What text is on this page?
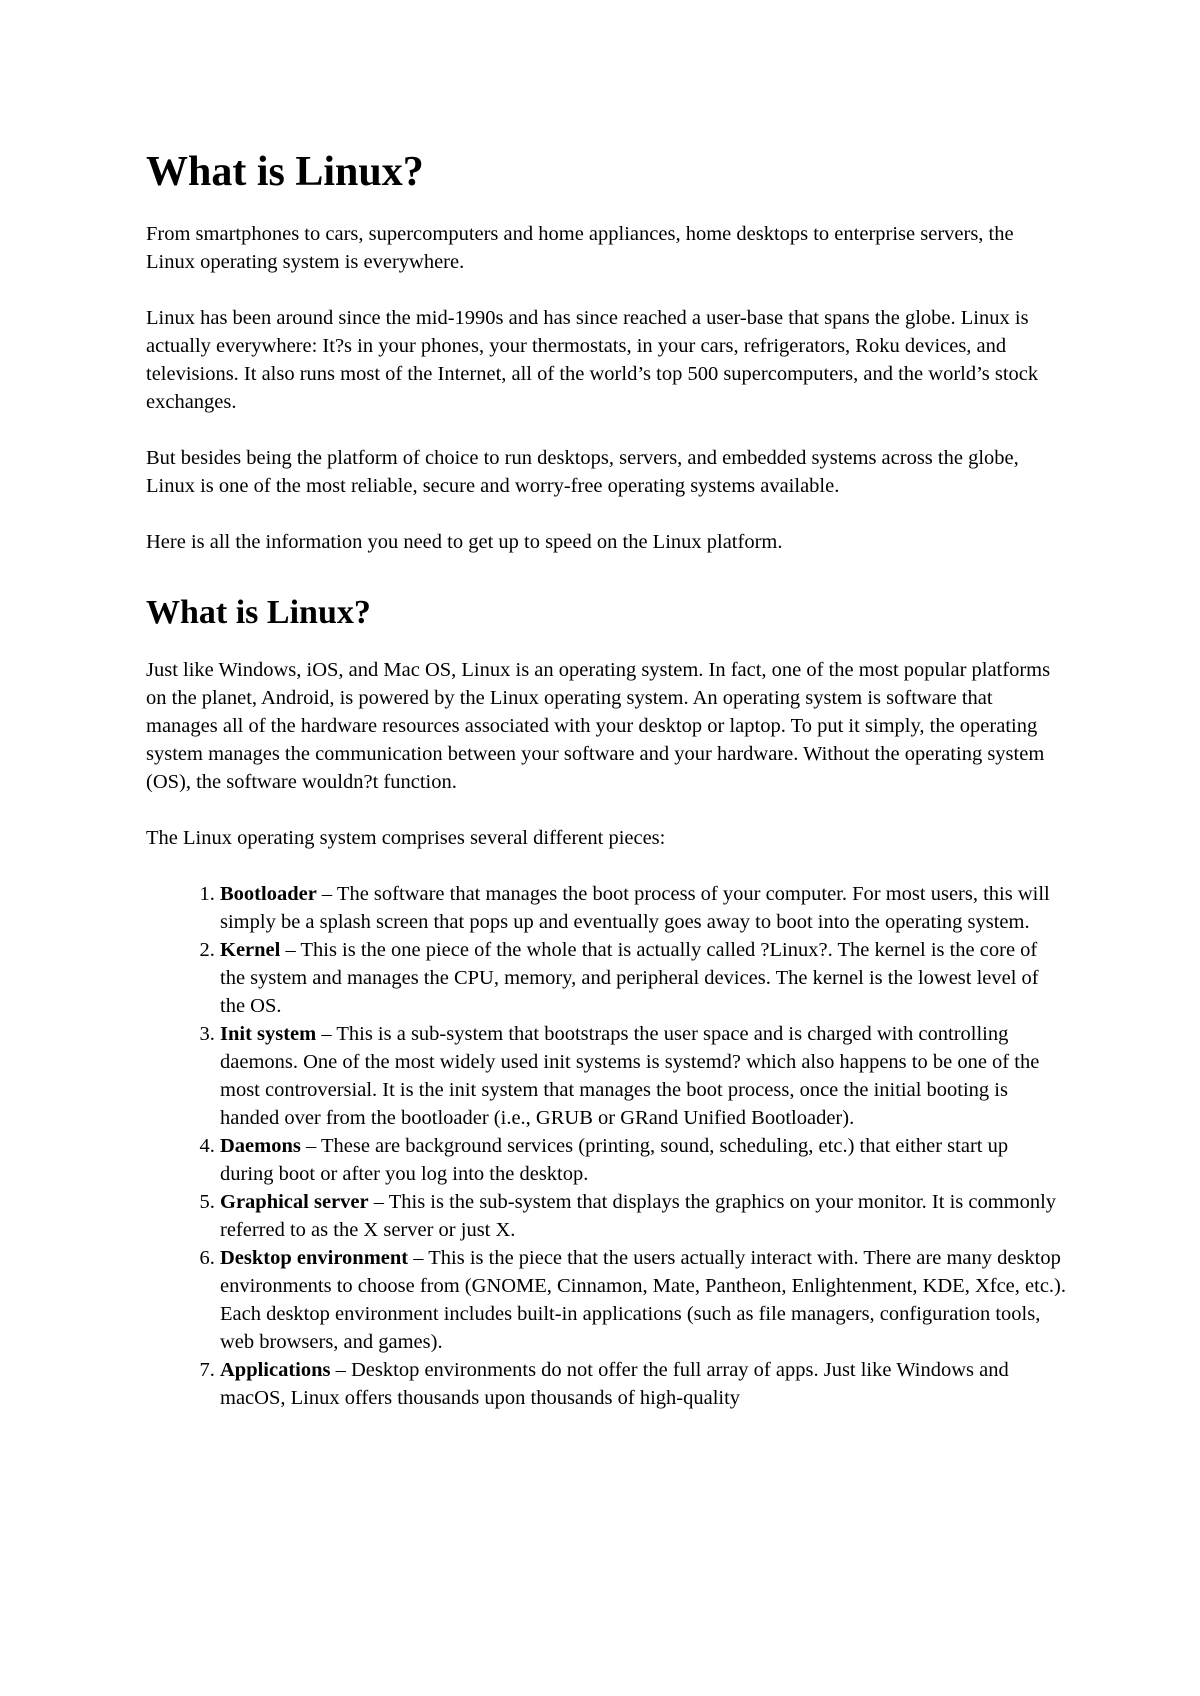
What is Linux?

From smartphones to cars, supercomputers and home appliances, home desktops to enterprise servers, the Linux operating system is everywhere.

Linux has been around since the mid-1990s and has since reached a user-base that spans the globe. Linux is actually everywhere: It?s in your phones, your thermostats, in your cars, refrigerators, Roku devices, and televisions. It also runs most of the Internet, all of the world’s top 500 supercomputers, and the world’s stock exchanges.

But besides being the platform of choice to run desktops, servers, and embedded systems across the globe, Linux is one of the most reliable, secure and worry-free operating systems available.

Here is all the information you need to get up to speed on the Linux platform.

What is Linux?

Just like Windows, iOS, and Mac OS, Linux is an operating system. In fact, one of the most popular platforms on the planet, Android, is powered by the Linux operating system. An operating system is software that manages all of the hardware resources associated with your desktop or laptop. To put it simply, the operating system manages the communication between your software and your hardware. Without the operating system (OS), the software wouldn?t function.

The Linux operating system comprises several different pieces:

1. Bootloader – The software that manages the boot process of your computer. For most users, this will simply be a splash screen that pops up and eventually goes away to boot into the operating system.
2. Kernel – This is the one piece of the whole that is actually called ?Linux?. The kernel is the core of the system and manages the CPU, memory, and peripheral devices. The kernel is the lowest level of the OS.
3. Init system – This is a sub-system that bootstraps the user space and is charged with controlling daemons. One of the most widely used init systems is systemd? which also happens to be one of the most controversial. It is the init system that manages the boot process, once the initial booting is handed over from the bootloader (i.e., GRUB or GRand Unified Bootloader).
4. Daemons – These are background services (printing, sound, scheduling, etc.) that either start up during boot or after you log into the desktop.
5. Graphical server – This is the sub-system that displays the graphics on your monitor. It is commonly referred to as the X server or just X.
6. Desktop environment – This is the piece that the users actually interact with. There are many desktop environments to choose from (GNOME, Cinnamon, Mate, Pantheon, Enlightenment, KDE, Xfce, etc.). Each desktop environment includes built-in applications (such as file managers, configuration tools, web browsers, and games).
7. Applications – Desktop environments do not offer the full array of apps. Just like Windows and macOS, Linux offers thousands upon thousands of high-quality
